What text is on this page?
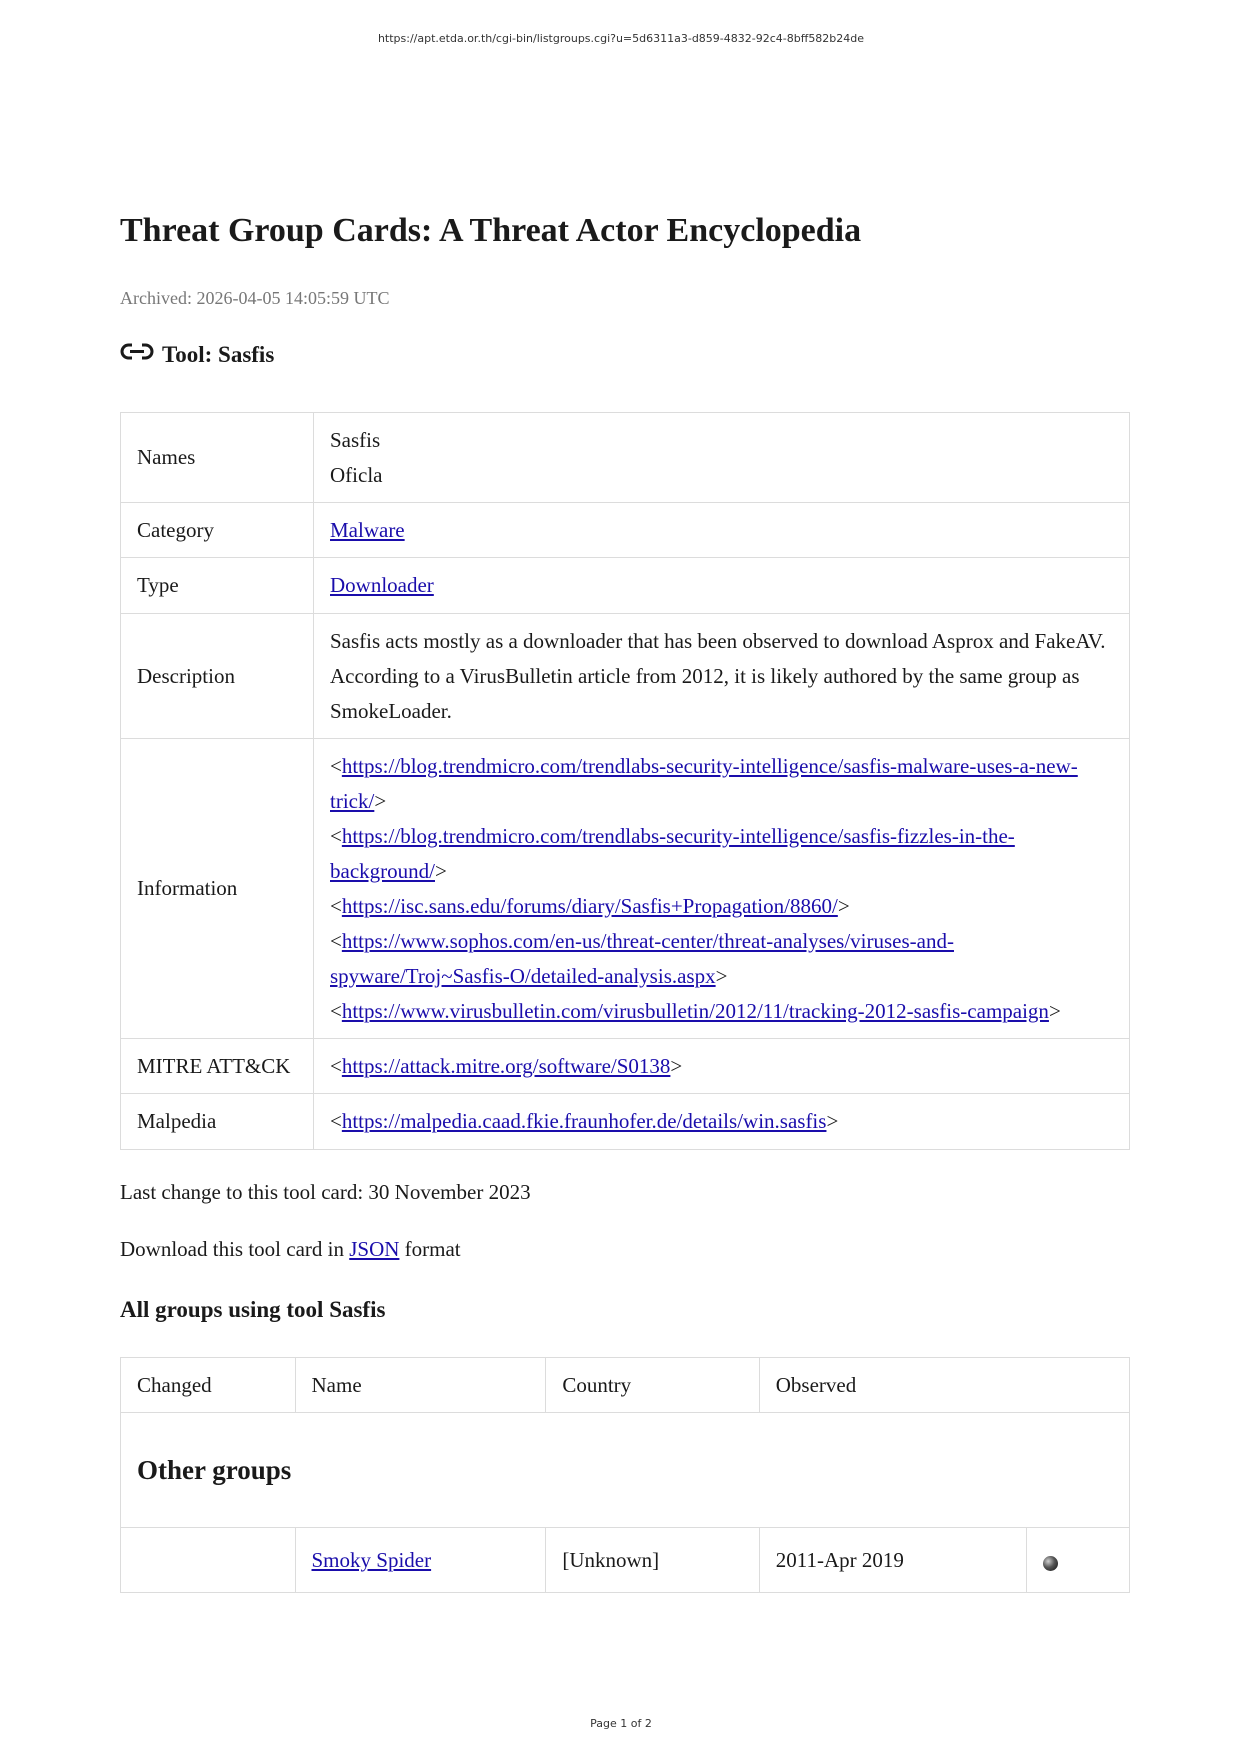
https://apt.etda.or.th/cgi-bin/listgroups.cgi?u=5d6311a3-d859-4832-92c4-8bff582b24de
Threat Group Cards: A Threat Actor Encyclopedia
Archived: 2026-04-05 14:05:59 UTC
Tool: Sasfis
Names	Sasfis
Oficla

Category	Malware
Type	Downloader
Description	Sasfis acts mostly as a downloader that has been observed to download Asprox and FakeAV. According to a VirusBulletin article from 2012, it is likely authored by the same group as SmokeLoader.
Information	<https://blog.trendmicro.com/trendlabs-security-intelligence/sasfis-malware-uses-a-new-trick/>
<https://blog.trendmicro.com/trendlabs-security-intelligence/sasfis-fizzles-in-the-background/>
<https://isc.sans.edu/forums/diary/Sasfis+Propagation/8860/>
<https://www.sophos.com/en-us/threat-center/threat-analyses/viruses-and-spyware/Troj~Sasfis-O/detailed-analysis.aspx>
<https://www.virusbulletin.com/virusbulletin/2012/11/tracking-2012-sasfis-campaign>

MITRE ATT&CK	<https://attack.mitre.org/software/S0138>
Malpedia	<https://malpedia.caad.fkie.fraunhofer.de/details/win.sasfis>
Last change to this tool card: 30 November 2023
Download this tool card in JSON format
All groups using tool Sasfis
Changed	Name	Country	Observed	
Other groups				
	Smoky Spider	[Unknown]	2011-Apr 2019	
Page 1 of 2
